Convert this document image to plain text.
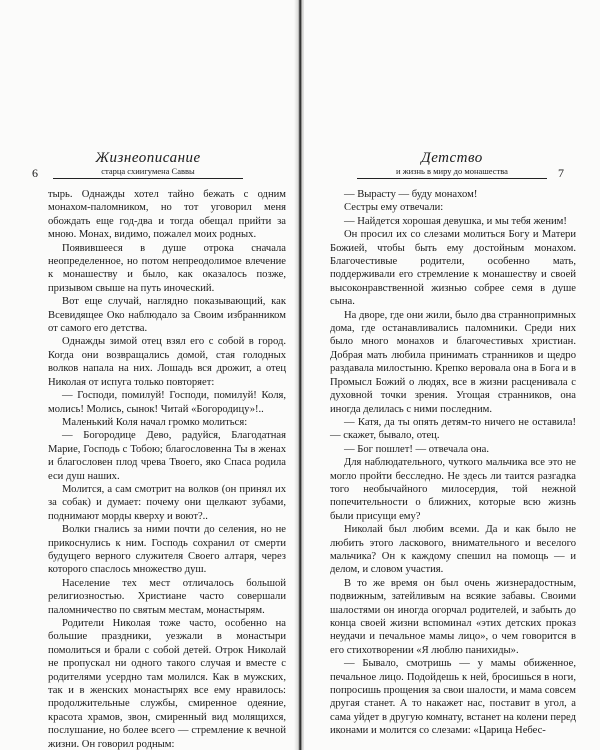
6
Жизнеописание
старца схиигумена Саввы

тырь. Однажды хотел тайно бежать с одним монахом-паломником, но тот уговорил меня обождать еще год-два и тогда обещал прийти за мною. Монах, видимо, пожалел моих родных.

Появившееся в душе отрока сначала неопределенное, но потом непреодолимое влечение к монашеству и было, как оказалось позже, призывом свыше на путь иноческий.

Вот еще случай, наглядно показывающий, как Всевидящее Око наблюдало за Своим избранником от самого его детства.

Однажды зимой отец взял его с собой в город. Когда они возвращались домой, стая голодных волков напала на них. Лошадь вся дрожит, а отец Николая от испуга только повторяет:

— Господи, помилуй! Господи, помилуй! Коля, молись! Молись, сынок! Читай «Богородицу»!..

Маленький Коля начал громко молиться:

— Богородице Дево, радуйся, Благодатная Марие, Господь с Тобою; благословенна Ты в женах и благословен плод чрева Твоего, яко Спаса родила еси душ наших.

Молится, а сам смотрит на волков (он принял их за собак) и думает: почему они щелкают зубами, поднимают морды кверху и воют?..

Волки гнались за ними почти до селения, но не прикоснулись к ним. Господь сохранил от смерти будущего верного служителя Своего алтаря, через которого спаслось множество душ.

Население тех мест отличалось большой религиозностью. Христиане часто совершали паломничество по святым местам, монастырям.

Родители Николая тоже часто, особенно на большие праздники, уезжали в монастыри помолиться и брали с собой детей. Отрок Николай не пропускал ни одного такого случая и вместе с родителями усердно там молился. Как в мужских, так и в женских монастырях все ему нравилось: продолжительные службы, смиренное одеяние, красота храмов, звон, смиренный вид молящихся, послушание, но более всего — стремление к вечной жизни. Он говорил родным:

7
Детство
и жизнь в миру до монашества

— Вырасту — буду монахом!

Сестры ему отвечали:

— Найдется хорошая девушка, и мы тебя женим!

Он просил их со слезами молиться Богу и Матери Божией, чтобы быть ему достойным монахом. Благочестивые родители, особенно мать, поддерживали его стремление к монашеству и своей высоконравственной жизнью собрее семя в душе сына.

На дворе, где они жили, было два страннопримных дома, где останавливались паломники. Среди них было много монахов и благочестивых христиан. Добрая мать любила принимать странников и щедро раздавала милостыню. Крепко веровала она в Бога и в Промысл Божий о людях, все в жизни расценивала с духовной точки зрения. Угощая странников, она иногда делилась с ними последним.

— Катя, да ты опять детям-то ничего не оставила! — скажет, бывало, отец.

— Бог пошлет! — отвечала она.

Для наблюдательного, чуткого мальчика все это не могло пройти бесследно. Не здесь ли таится разгадка того необычайного милосердия, той нежной попечительности о ближних, которые всю жизнь были присущи ему?

Николай был любим всеми. Да и как было не любить этого ласкового, внимательного и веселого мальчика? Он к каждому спешил на помощь — и делом, и словом участия.

В то же время он был очень жизнерадостным, подвижным, затейливым на всякие забавы. Своими шалостями он иногда огорчал родителей, и забыть до конца своей жизни вспоминал «этих детских проказ неудачи и печальное мамы лицо», о чем говорится в его стихотворении «Я люблю панихиды».

— Бывало, смотришь — у мамы обиженное, печальное лицо. Подойдешь к ней, бросишься в ноги, попросишь прощения за свои шалости, и мама совсем другая станет. А то накажет нас, поставит в угол, а сама уйдет в другую комнату, встанет на колени перед иконами и молится со слезами: «Царица Небес-
